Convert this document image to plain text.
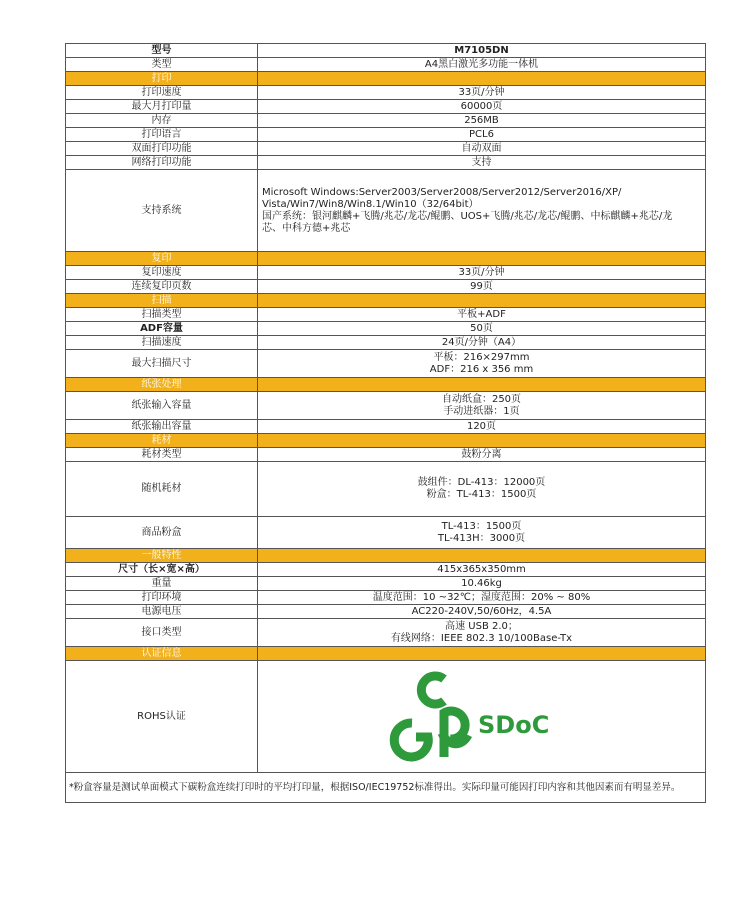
型号	M7105DN
类型	A4黑白激光多功能一体机
打印	
打印速度	33页/分钟
最大月打印量	60000页
内存	256MB
打印语言	PCL6
双面打印功能	自动双面
网络打印功能	支持
支持系统	Microsoft Windows:Server2003/Server2008/Server2012/Server2016/XP/
Vista/Win7/Win8/Win8.1/Win10（32/64bit）
国产系统：银河麒麟+飞腾/兆芯/龙芯/鲲鹏、UOS+飞腾/兆芯/龙芯/鲲鹏、中标麒麟+兆芯/龙
芯、中科方德+兆芯

复印	
复印速度	33页/分钟
连续复印页数	99页
扫描	
扫描类型	平板+ADF
ADF容量	50页
扫描速度	24页/分钟（A4）
最大扫描尺寸	平板：216×297mm
ADF：216 x 356 mm

纸张处理	
纸张输入容量	自动纸盒：250页
手动进纸器：1页

纸张输出容量	120页
耗材	
耗材类型	鼓粉分离
随机耗材	鼓组件：DL-413：12000页
粉盒：TL-413：1500页

商品粉盒	TL-413：1500页
TL-413H：3000页

一般特性	
尺寸（长×宽×高）	415x365x350mm
重量	10.46kg
打印环境	温度范围：10 ~32℃；湿度范围：20% ~ 80%
电源电压	AC220-240V,50/60Hz，4.5A
接口类型	高速 USB 2.0；
有线网络：IEEE 802.3 10/100Base-Tx

认证信息	
ROHS认证	SDoC

*粉盒容量是测试单面模式下碳粉盒连续打印时的平均打印量，根据ISO/IEC19752标准得出。实际印量可能因打印内容和其他因素而有明显差异。	
